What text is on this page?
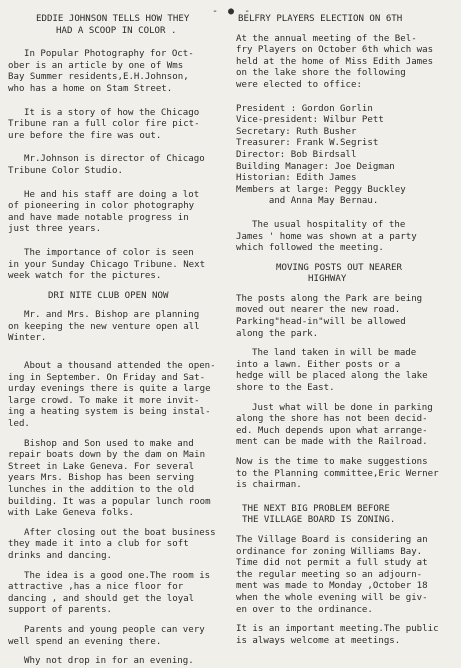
- ● -

EDDIE JOHNSON TELLS HOW THEY

HAD A SCOOP IN COLOR .

In Popular Photography for Oct-

ober is an article by one of Wms

Bay Summer residents,E.H.Johnson,

who has a home on Stam Street.

It is a story of how the Chicago

Tribune ran a full color fire pict-

ure before the fire was out.

Mr.Johnson is director of Chicago

Tribune Color Studio.

He and his staff are doing a lot

of pioneering in color photography

and have made notable progress in

just three years.

The importance of color is seen

in your Sunday Chicago Tribune. Next

week watch for the pictures.

DRI NITE CLUB OPEN NOW

Mr. and Mrs. Bishop are planning

on keeping the new venture open all

Winter.

About a thousand attended the open-

ing in September. On Friday and Sat-

urday evenings there is quite a large

large crowd. To make it more invit-

ing a heating system is being instal-

led.

Bishop and Son used to make and

repair boats down by the dam on Main

Street in Lake Geneva. For several

years Mrs. Bishop has been serving

lunches in the addition to the old

building. It was a popular lunch room

with Lake Geneva folks.

After closing out the boat business

they made it into a club for soft

drinks and dancing.

The idea is a good one.The room is

attractive ,has a nice floor for

dancing , and should get the loyal

support of parents.

Parents and young people can very

well spend an evening there.

Why not drop in for an evening.

BELFRY PLAYERS ELECTION ON 6TH

At the annual meeting of the Bel-

fry Players on October 6th which was

held at the home of Miss Edith James

on the lake shore the following

were elected to office:

President : Gordon Gorlin

Vice-president: Wilbur Pett

Secretary: Ruth Busher

Treasurer: Frank W.Segrist

Director: Bob Birdsall

Building Manager: Joe Deigman

Historian: Edith James

Members at large: Peggy Buckley

and Anna May Bernau.

The usual hospitality of the

James ' home was shown at a party

which followed the meeting.

MOVING POSTS OUT NEARER

HIGHWAY

The posts along the Park are being

moved out nearer the new road.

Parking"head-in"will be allowed

along the park.

The land taken in will be made

into a lawn. Either posts or a

hedge will be placed along the lake

shore to the East.

Just what will be done in parking

along the shore has not been decid-

ed. Much depends upon what arrange-

ment can be made with the Railroad.

Now is the time to make suggestions

to the Planning committee,Eric Werner

is chairman.

THE NEXT BIG PROBLEM BEFORE

THE VILLAGE BOARD IS ZONING.

The Village Board is considering an

ordinance for zoning Williams Bay.

Time did not permit a full study at

the regular meeting so an adjourn-

ment was made to Monday ,October 18

when the whole evening will be giv-

en over to the ordinance.

It is an important meeting.The public

is always welcome at meetings.
